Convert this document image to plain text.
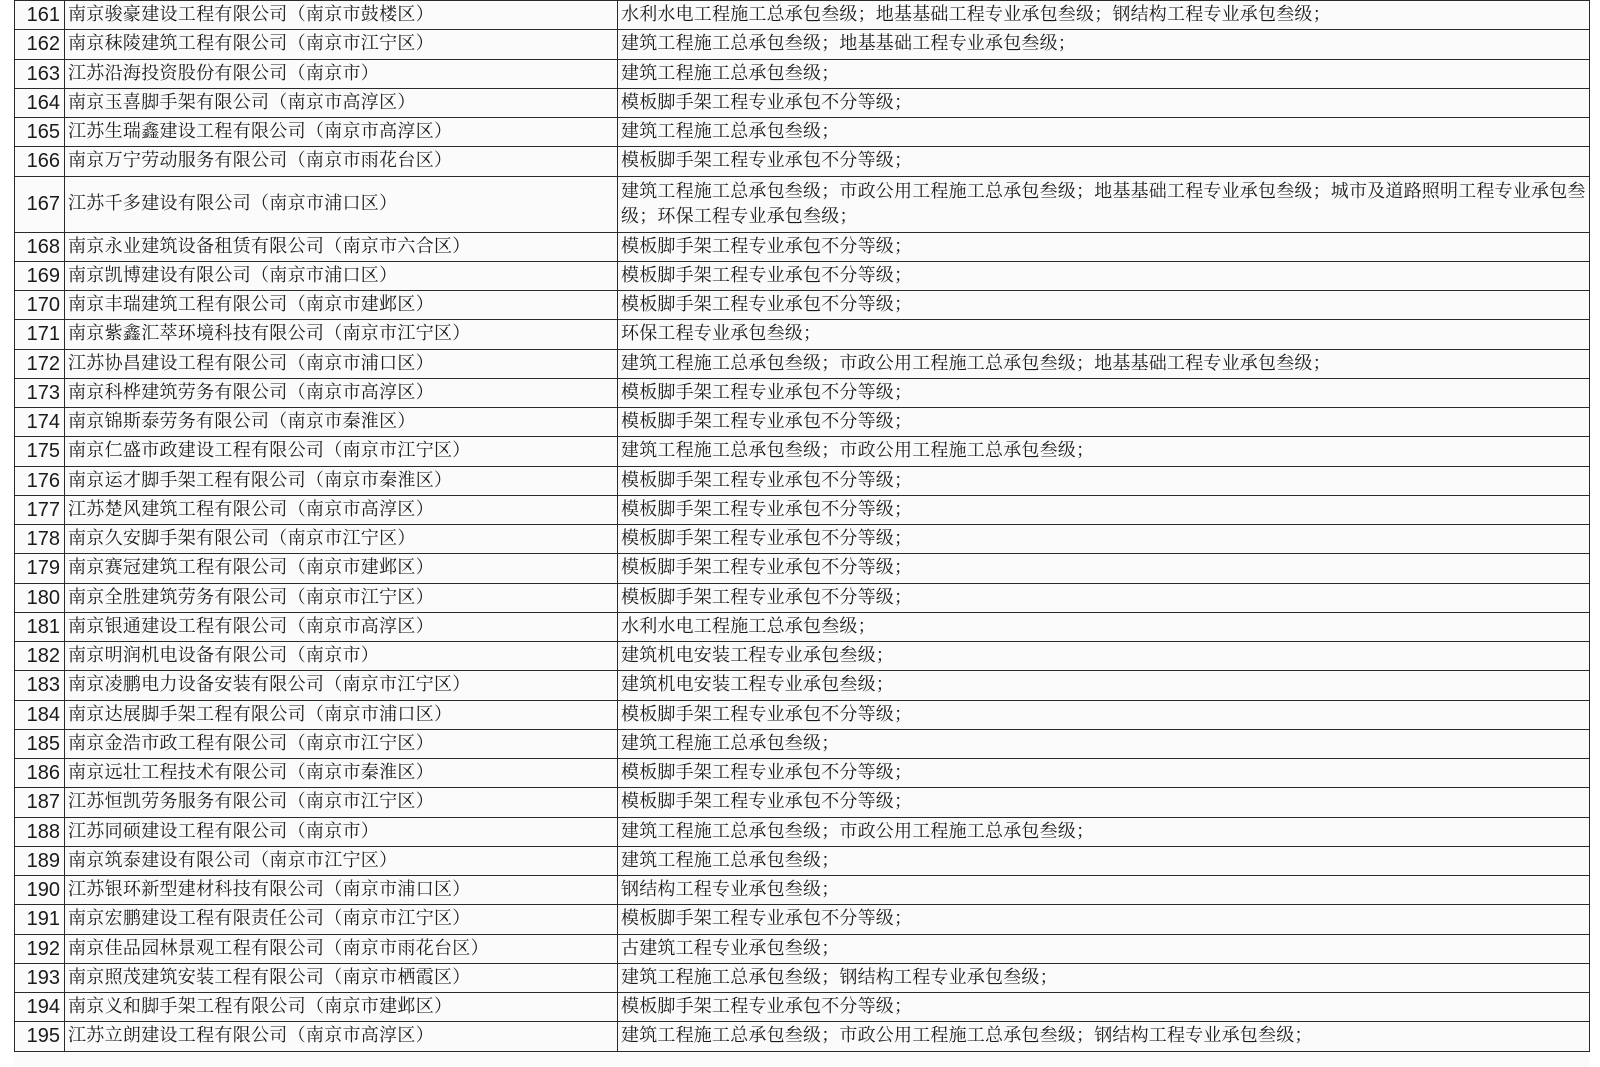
161	南京骏豪建设工程有限公司（南京市鼓楼区）	水利水电工程施工总承包叁级；地基基础工程专业承包叁级；钢结构工程专业承包叁级；
162	南京秣陵建筑工程有限公司（南京市江宁区）	建筑工程施工总承包叁级；地基基础工程专业承包叁级；
163	江苏沿海投资股份有限公司（南京市）	建筑工程施工总承包叁级；
164	南京玉喜脚手架有限公司（南京市高淳区）	模板脚手架工程专业承包不分等级；
165	江苏生瑞鑫建设工程有限公司（南京市高淳区）	建筑工程施工总承包叁级；
166	南京万宁劳动服务有限公司（南京市雨花台区）	模板脚手架工程专业承包不分等级；
167	江苏千多建设有限公司（南京市浦口区）	建筑工程施工总承包叁级；市政公用工程施工总承包叁级；地基基础工程专业承包叁级；城市及道路照明工程专业承包叁级；环保工程专业承包叁级；
168	南京永业建筑设备租赁有限公司（南京市六合区）	模板脚手架工程专业承包不分等级；
169	南京凯博建设有限公司（南京市浦口区）	模板脚手架工程专业承包不分等级；
170	南京丰瑞建筑工程有限公司（南京市建邺区）	模板脚手架工程专业承包不分等级；
171	南京紫鑫汇萃环境科技有限公司（南京市江宁区）	环保工程专业承包叁级；
172	江苏协昌建设工程有限公司（南京市浦口区）	建筑工程施工总承包叁级；市政公用工程施工总承包叁级；地基基础工程专业承包叁级；
173	南京科桦建筑劳务有限公司（南京市高淳区）	模板脚手架工程专业承包不分等级；
174	南京锦斯泰劳务有限公司（南京市秦淮区）	模板脚手架工程专业承包不分等级；
175	南京仁盛市政建设工程有限公司（南京市江宁区）	建筑工程施工总承包叁级；市政公用工程施工总承包叁级；
176	南京运才脚手架工程有限公司（南京市秦淮区）	模板脚手架工程专业承包不分等级；
177	江苏楚风建筑工程有限公司（南京市高淳区）	模板脚手架工程专业承包不分等级；
178	南京久安脚手架有限公司（南京市江宁区）	模板脚手架工程专业承包不分等级；
179	南京赛冠建筑工程有限公司（南京市建邺区）	模板脚手架工程专业承包不分等级；
180	南京全胜建筑劳务有限公司（南京市江宁区）	模板脚手架工程专业承包不分等级；
181	南京银通建设工程有限公司（南京市高淳区）	水利水电工程施工总承包叁级；
182	南京明润机电设备有限公司（南京市）	建筑机电安装工程专业承包叁级；
183	南京凌鹏电力设备安装有限公司（南京市江宁区）	建筑机电安装工程专业承包叁级；
184	南京达展脚手架工程有限公司（南京市浦口区）	模板脚手架工程专业承包不分等级；
185	南京金浩市政工程有限公司（南京市江宁区）	建筑工程施工总承包叁级；
186	南京远壮工程技术有限公司（南京市秦淮区）	模板脚手架工程专业承包不分等级；
187	江苏恒凯劳务服务有限公司（南京市江宁区）	模板脚手架工程专业承包不分等级；
188	江苏同硕建设工程有限公司（南京市）	建筑工程施工总承包叁级；市政公用工程施工总承包叁级；
189	南京筑泰建设有限公司（南京市江宁区）	建筑工程施工总承包叁级；
190	江苏银环新型建材科技有限公司（南京市浦口区）	钢结构工程专业承包叁级；
191	南京宏鹏建设工程有限责任公司（南京市江宁区）	模板脚手架工程专业承包不分等级；
192	南京佳品园林景观工程有限公司（南京市雨花台区）	古建筑工程专业承包叁级；
193	南京照茂建筑安装工程有限公司（南京市栖霞区）	建筑工程施工总承包叁级；钢结构工程专业承包叁级；
194	南京义和脚手架工程有限公司（南京市建邺区）	模板脚手架工程专业承包不分等级；
195	江苏立朗建设工程有限公司（南京市高淳区）	建筑工程施工总承包叁级；市政公用工程施工总承包叁级；钢结构工程专业承包叁级；
